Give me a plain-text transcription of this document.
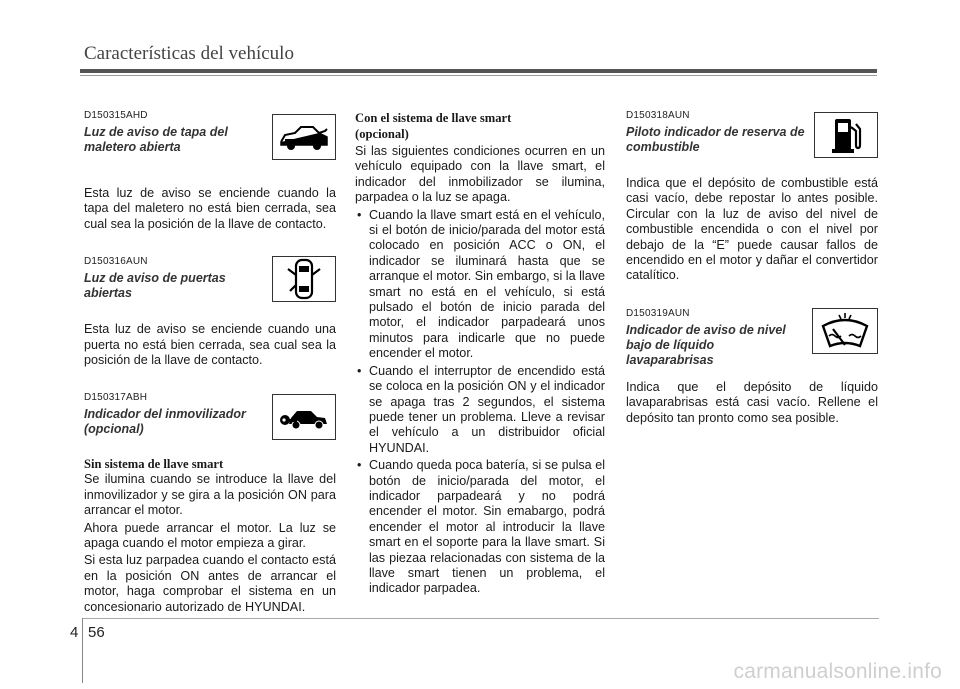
Características del vehículo
D150315AHD
Luz de aviso de tapa del maletero abierta
Esta luz de aviso se enciende cuando la tapa del maletero no está bien cerrada, sea cual sea la posición de la llave de contacto.
D150316AUN
Luz de aviso de puertas abiertas
Esta luz de aviso se enciende cuando una puerta no está bien cerrada, sea cual sea la posición de la llave de contacto.
D150317ABH
Indicador del inmovilizador (opcional)
Sin sistema de llave smart
Se ilumina cuando se introduce la llave del inmovilizador y se gira a la posición ON para arrancar el motor.
Ahora puede arrancar el motor. La luz se apaga cuando el motor empieza a girar.
Si esta luz parpadea cuando el contacto está en la posición ON antes de arrancar el motor, haga comprobar el sistema en un concesionario autorizado de HYUNDAI.
Con el sistema de llave smart
(opcional)
Si las siguientes condiciones ocurren en un vehículo equipado con la llave smart, el indicador del inmobilizador se ilumina, parpadea o la luz se apaga.
• Cuando la llave smart está en el vehículo, si el botón de inicio/parada del motor está colocado en posición ACC o ON, el indicador se iluminará hasta que se arranque el motor. Sin embargo, si la llave smart no está en el vehículo, si está pulsado el botón de inicio parada del motor, el indicador parpadeará unos minutos para indicarle que no puede encender el motor.
• Cuando el interruptor de encendido está se coloca en la posición ON y el indicador se apaga tras 2 segundos, el sistema puede tener un problema. Lleve a revisar el vehículo a un distribuidor oficial HYUNDAI.
• Cuando queda poca batería, si se pulsa el botón de inicio/parada del motor, el indicador parpadeará y no podrá encender el motor. Sin emabargo, podrá encender el motor al introducir la llave smart en el soporte para la llave smart. Si las piezaa relacionadas con sistema de la llave smart tienen un problema, el indicador parpadea.
D150318AUN
Piloto indicador de reserva de combustible
Indica que el depósito de combustible está casi vacío, debe repostar lo antes posible. Circular con la luz de aviso del nivel de combustible encendida o con el nivel por debajo de la “E” puede causar fallos de encendido en el motor y dañar el convertidor catalítico.
D150319AUN
Indicador de aviso de nivel bajo de líquido lavaparabrisas
Indica que el depósito de líquido lavaparabrisas está casi vacío. Rellene el depósito tan pronto como sea posible.
4 56
carmanualsonline.info
